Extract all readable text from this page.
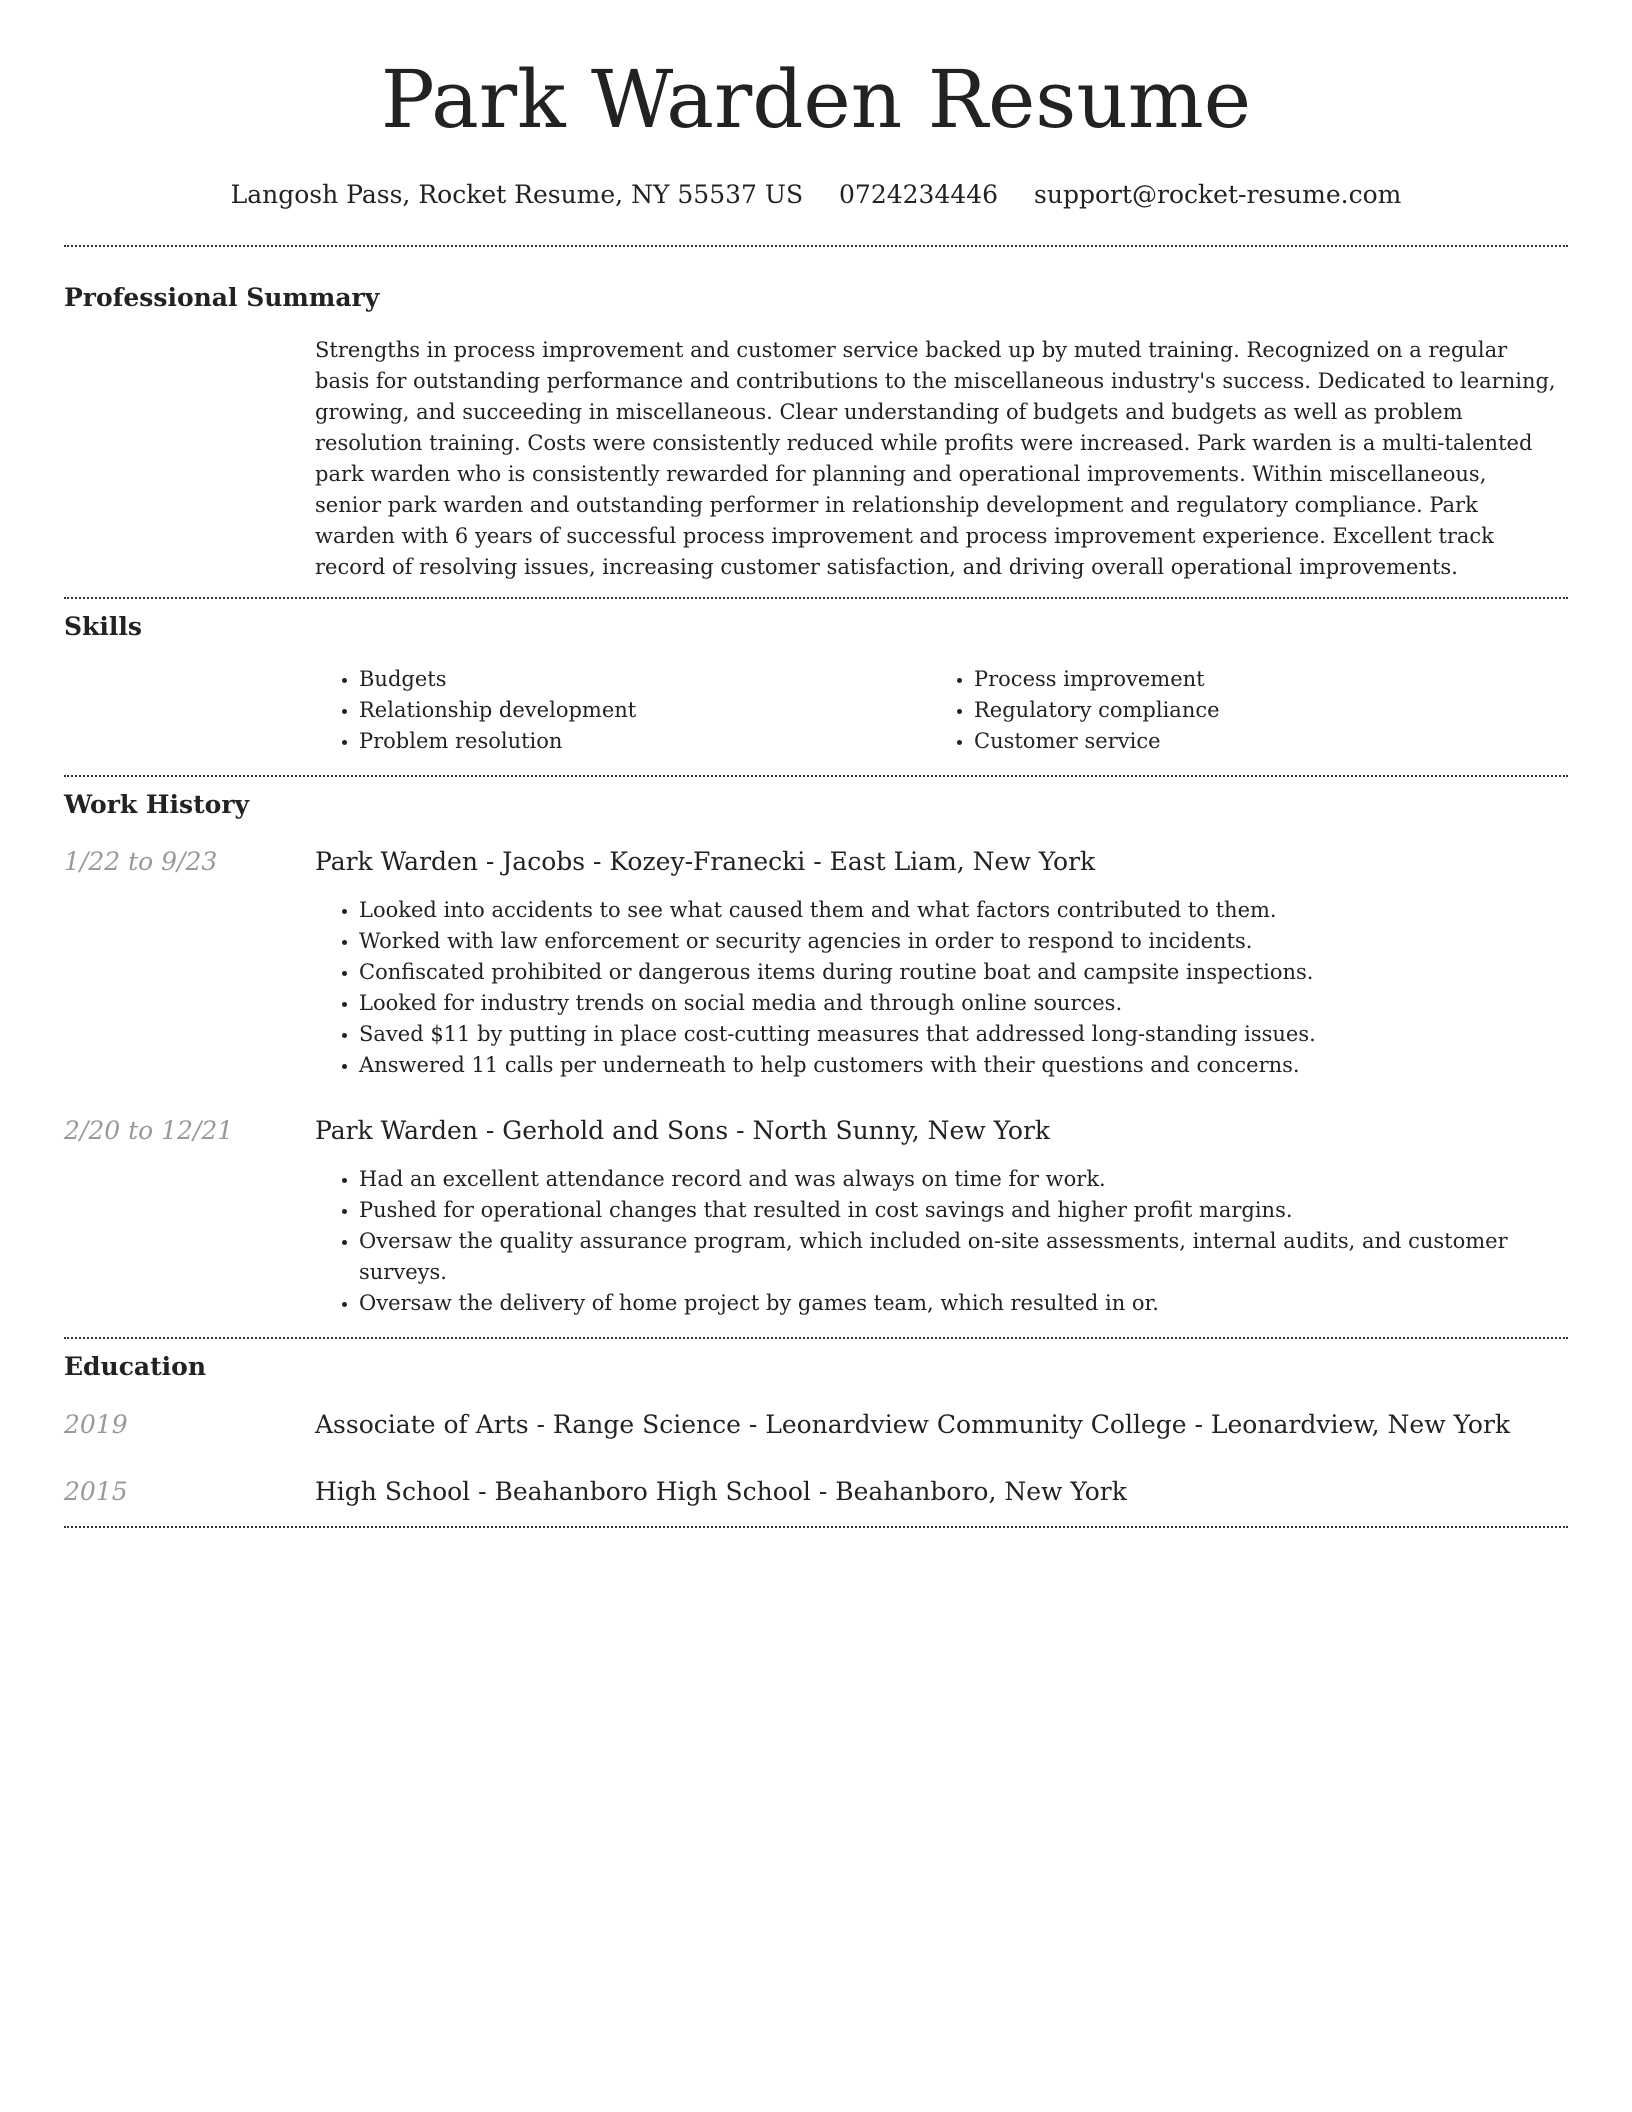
Park Warden Resume
Langosh Pass, Rocket Resume, NY 55537 US 0724234446 support@rocket-resume.com
Professional Summary

Strengths in process improvement and customer service backed up by muted training. Recognized on a regular basis for outstanding performance and contributions to the miscellaneous industry's success. Dedicated to learning, growing, and succeeding in miscellaneous. Clear understanding of budgets and budgets as well as problem resolution training. Costs were consistently reduced while profits were increased. Park warden is a multi-talented park warden who is consistently rewarded for planning and operational improvements. Within miscellaneous, senior park warden and outstanding performer in relationship development and regulatory compliance. Park warden with 6 years of successful process improvement and process improvement experience. Excellent track record of resolving issues, increasing customer satisfaction, and driving overall operational improvements.

Skills
• Budgets
• Relationship development
• Problem resolution
• Process improvement
• Regulatory compliance
• Customer service
Work History
1/22 to 9/23	Park Warden - Jacobs - Kozey-Franecki - East Liam, New York
• Looked into accidents to see what caused them and what factors contributed to them.
• Worked with law enforcement or security agencies in order to respond to incidents.
• Confiscated prohibited or dangerous items during routine boat and campsite inspections.
• Looked for industry trends on social media and through online sources.
• Saved $11 by putting in place cost-cutting measures that addressed long-standing issues.
• Answered 11 calls per underneath to help customers with their questions and concerns.
2/20 to 12/21	Park Warden - Gerhold and Sons - North Sunny, New York
• Had an excellent attendance record and was always on time for work.
• Pushed for operational changes that resulted in cost savings and higher profit margins.
• Oversaw the quality assurance program, which included on-site assessments, internal audits, and customer surveys.
• Oversaw the delivery of home project by games team, which resulted in or.
Education
2019	Associate of Arts - Range Science - Leonardview Community College - Leonardview, New York
2015	High School - Beahanboro High School - Beahanboro, New York
